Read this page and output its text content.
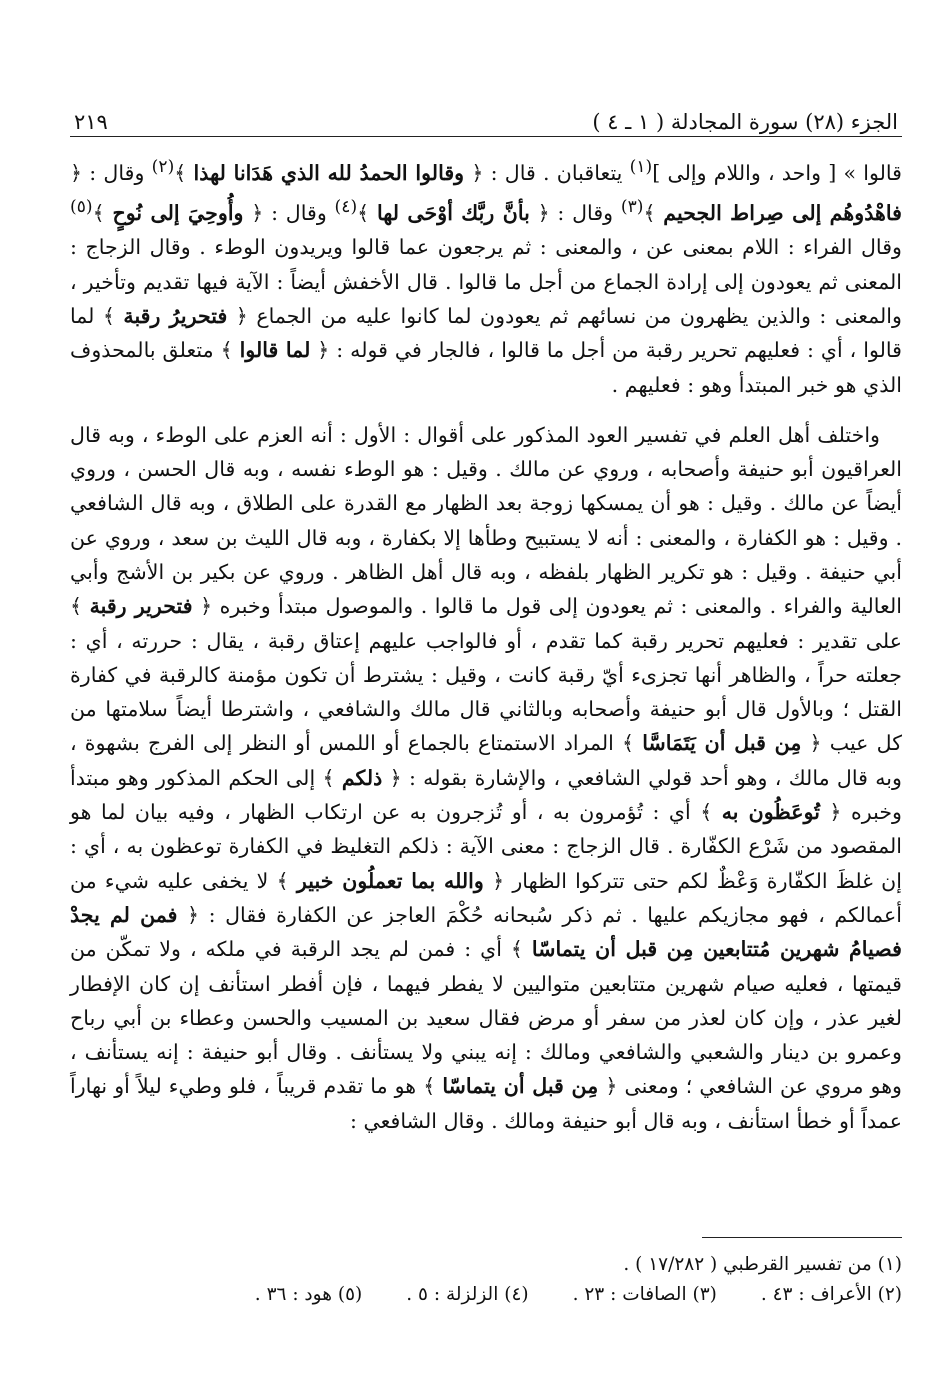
الجزء (٢٨) سورة المجادلة ( ١ ـ ٤ )
٢١٩

قالوا » [ واحد ، واللام وإلى ]$^{(١)}$ يتعاقبان . قال : ﴿ وقالوا الحمدُ لله الذي هَدَانا لهذا ﴾$^{(٢)}$ وقال : ﴿ فاهْدُوهُم إلى صِراط الجحيم ﴾$^{(٣)}$ وقال : ﴿ بأنَّ ربَّك أوْحَى لها ﴾$^{(٤)}$ وقال : ﴿ وأُوحِيَ إلى نُوحٍ ﴾$^{(٥)}$ وقال الفراء : اللام بمعنى عن ، والمعنى : ثم يرجعون عما قالوا ويريدون الوطء . وقال الزجاج : المعنى ثم يعودون إلى إرادة الجماع من أجل ما قالوا . قال الأخفش أيضاً : الآية فيها تقديم وتأخير ، والمعنى : والذين يظهرون من نسائهم ثم يعودون لما كانوا عليه من الجماع ﴿ فتحريرُ رقبة ﴾ لما قالوا ، أي : فعليهم تحرير رقبة من أجل ما قالوا ، فالجار في قوله : ﴿ لما قالوا ﴾ متعلق بالمحذوف الذي هو خبر المبتدأ وهو : فعليهم .

واختلف أهل العلم في تفسير العود المذكور على أقوال : الأول : أنه العزم على الوطء ، وبه قال العراقيون أبو حنيفة وأصحابه ، وروي عن مالك . وقيل : هو الوطء نفسه ، وبه قال الحسن ، وروي أيضاً عن مالك . وقيل : هو أن يمسكها زوجة بعد الظهار مع القدرة على الطلاق ، وبه قال الشافعي . وقيل : هو الكفارة ، والمعنى : أنه لا يستبيح وطأها إلا بكفارة ، وبه قال الليث بن سعد ، وروي عن أبي حنيفة . وقيل : هو تكرير الظهار بلفظه ، وبه قال أهل الظاهر . وروي عن بكير بن الأشج وأبي العالية والفراء . والمعنى : ثم يعودون إلى قول ما قالوا . والموصول مبتدأ وخبره ﴿ فتحرير رقبة ﴾ على تقدير : فعليهم تحرير رقبة كما تقدم ، أو فالواجب عليهم إعتاق رقبة ، يقال : حررته ، أي : جعلته حراً ، والظاهر أنها تجزىء أيّ رقبة كانت ، وقيل : يشترط أن تكون مؤمنة كالرقبة في كفارة القتل ؛ وبالأول قال أبو حنيفة وأصحابه وبالثاني قال مالك والشافعي ، واشترطا أيضاً سلامتها من كل عيب ﴿ مِن قبل أن يَتَمَاسَّا ﴾ المراد الاستمتاع بالجماع أو اللمس أو النظر إلى الفرج بشهوة ، وبه قال مالك ، وهو أحد قولي الشافعي ، والإشارة بقوله : ﴿ ذلكم ﴾ إلى الحكم المذكور وهو مبتدأ وخبره ﴿ تُوعَظُون به ﴾ أي : تُؤمرون به ، أو تُزجرون به عن ارتكاب الظهار ، وفيه بيان لما هو المقصود من شَرْع الكفّارة . قال الزجاج : معنى الآية : ذلكم التغليظ في الكفارة توعظون به ، أي : إن غلظَ الكفّارة وَعْظٌ لكم حتى تتركوا الظهار ﴿ والله بما تعملُون خبير ﴾ لا يخفى عليه شيء من أعمالكم ، فهو مجازيكم عليها . ثم ذكر سُبحانه حُكْمَ العاجز عن الكفارة فقال : ﴿ فمن لم يجدْ فصيامُ شهرين مُتتابعين مِن قبل أن يتماسّا ﴾ أي : فمن لم يجد الرقبة في ملكه ، ولا تمكّن من قيمتها ، فعليه صيام شهرين متتابعين متواليين لا يفطر فيهما ، فإن أفطر استأنف إن كان الإفطار لغير عذر ، وإن كان لعذر من سفر أو مرض فقال سعيد بن المسيب والحسن وعطاء بن أبي رباح وعمرو بن دينار والشعبي والشافعي ومالك : إنه يبني ولا يستأنف . وقال أبو حنيفة : إنه يستأنف ، وهو مروي عن الشافعي ؛ ومعنى ﴿ مِن قبل أن يتماسّا ﴾ هو ما تقدم قريباً ، فلو وطيء ليلاً أو نهاراً عمداً أو خطأ استأنف ، وبه قال أبو حنيفة ومالك . وقال الشافعي :

(١) من تفسير القرطبي ( ١٧/٢٨٢ ) .
(٢) الأعراف : ٤٣ .(٣) الصافات : ٢٣ .(٤) الزلزلة : ٥ .(٥) هود : ٣٦ .
